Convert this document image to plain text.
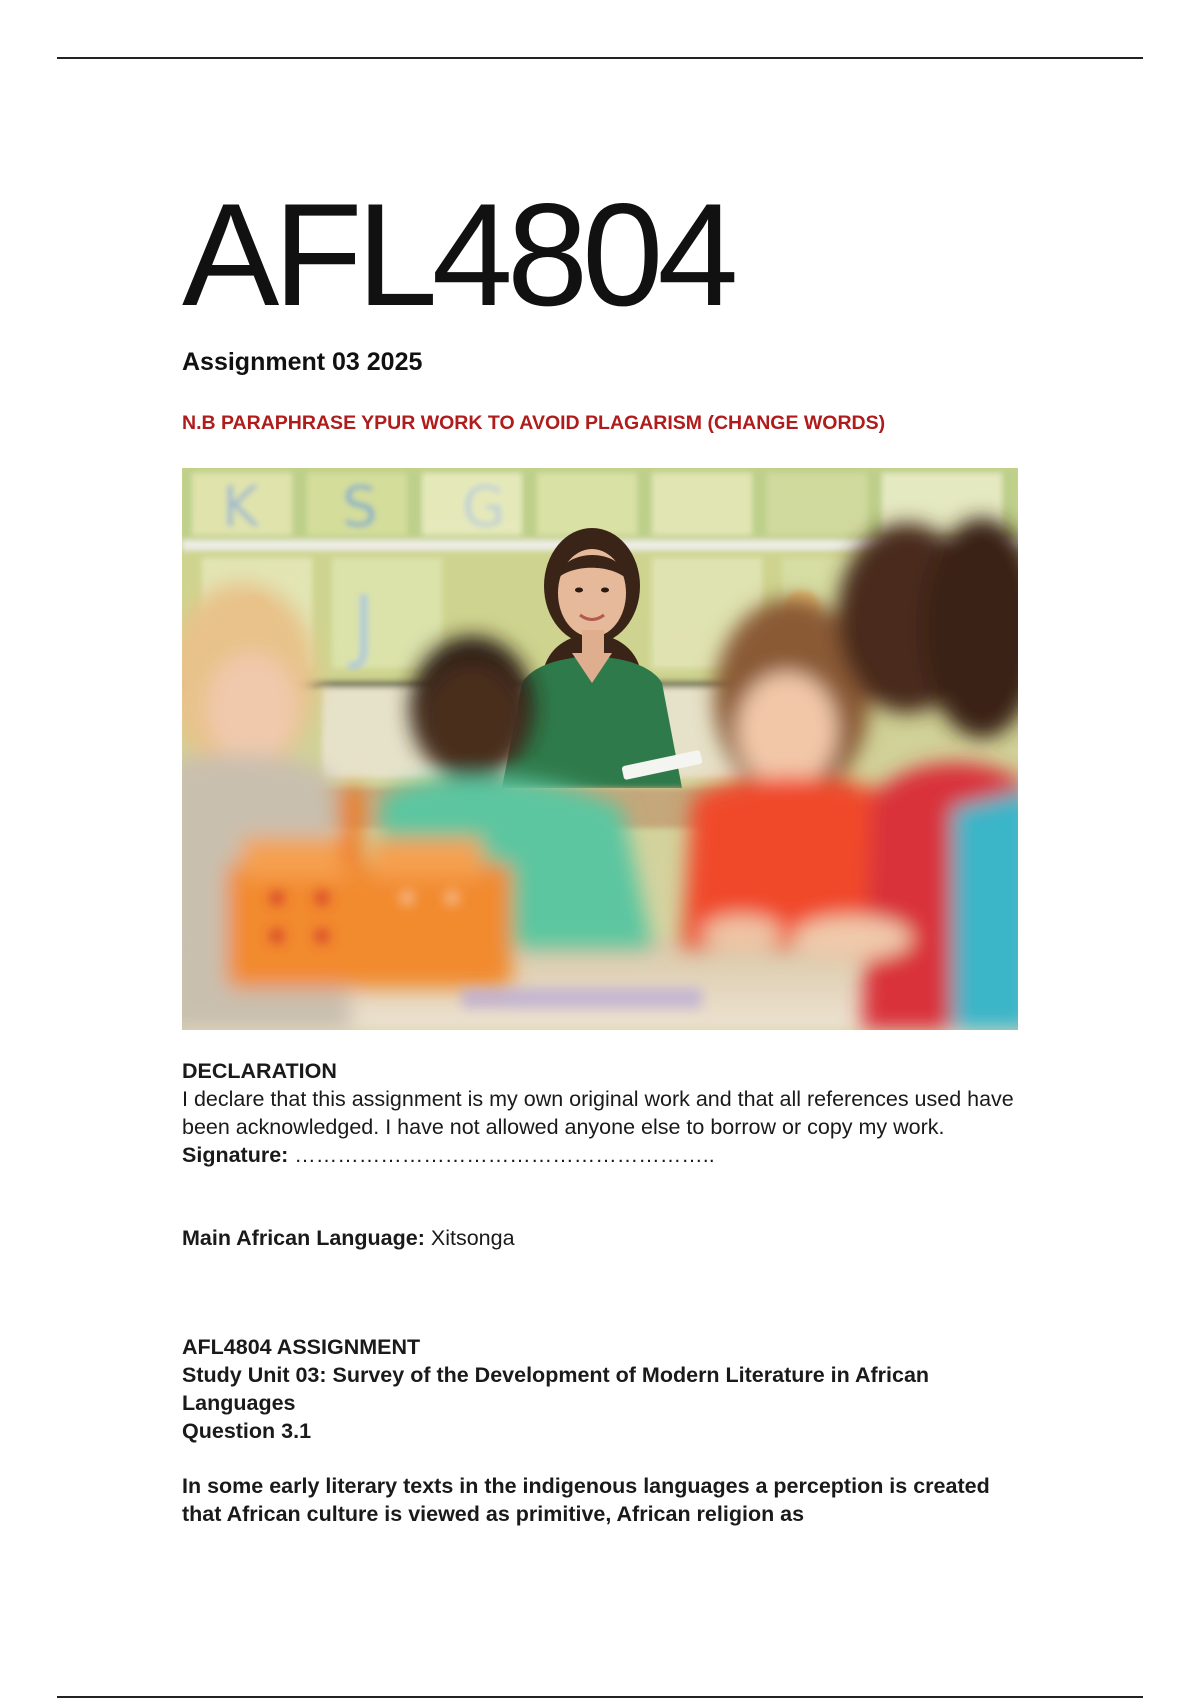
AFL4804
Assignment 03 2025
N.B PARAPHRASE YPUR WORK TO AVOID PLAGARISM (CHANGE WORDS)
K S G
J
DECLARATION
I declare that this assignment is my own original work and that all references used have been acknowledged. I have not allowed anyone else to borrow or copy my work.
Signature: …………………………………………………..
Main African Language: Xitsonga
AFL4804 ASSIGNMENT
Study Unit 03: Survey of the Development of Modern Literature in African Languages
Question 3.1
In some early literary texts in the indigenous languages a perception is created that African culture is viewed as primitive, African religion as
